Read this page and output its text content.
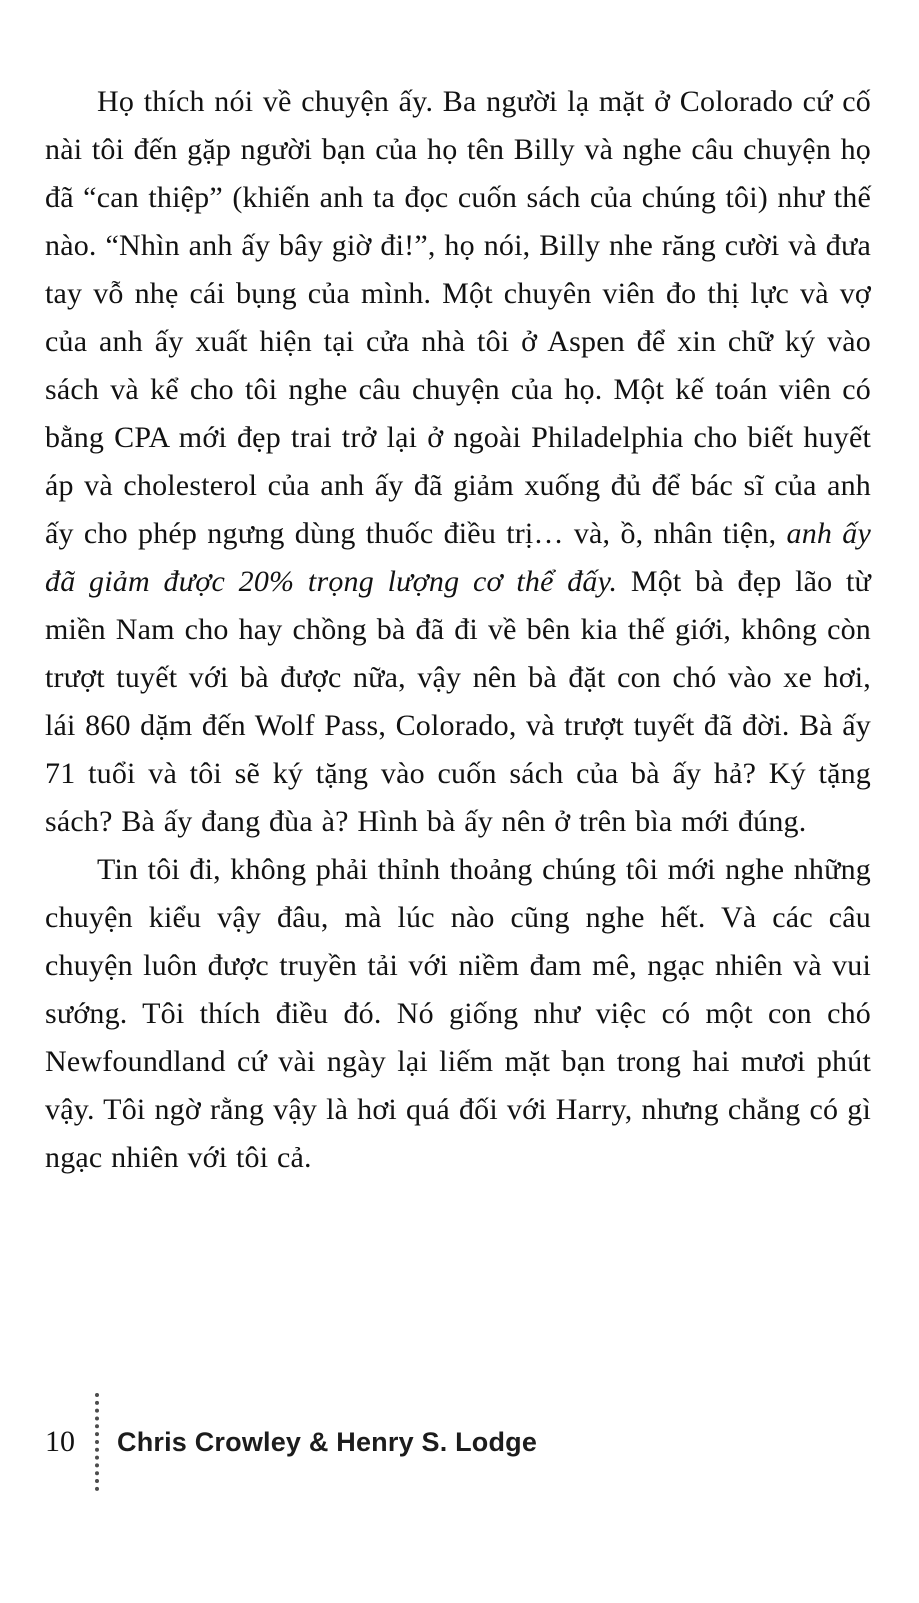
Họ thích nói về chuyện ấy. Ba người lạ mặt ở Colorado cứ cố nài tôi đến gặp người bạn của họ tên Billy và nghe câu chuyện họ đã “can thiệp” (khiến anh ta đọc cuốn sách của chúng tôi) như thế nào. “Nhìn anh ấy bây giờ đi!”, họ nói, Billy nhe răng cười và đưa tay vỗ nhẹ cái bụng của mình. Một chuyên viên đo thị lực và vợ của anh ấy xuất hiện tại cửa nhà tôi ở Aspen để xin chữ ký vào sách và kể cho tôi nghe câu chuyện của họ. Một kế toán viên có bằng CPA mới đẹp trai trở lại ở ngoài Philadelphia cho biết huyết áp và cholesterol của anh ấy đã giảm xuống đủ để bác sĩ của anh ấy cho phép ngưng dùng thuốc điều trị… và, ồ, nhân tiện, anh ấy đã giảm được 20% trọng lượng cơ thể đấy. Một bà đẹp lão từ miền Nam cho hay chồng bà đã đi về bên kia thế giới, không còn trượt tuyết với bà được nữa, vậy nên bà đặt con chó vào xe hơi, lái 860 dặm đến Wolf Pass, Colorado, và trượt tuyết đã đời. Bà ấy 71 tuổi và tôi sẽ ký tặng vào cuốn sách của bà ấy hả? Ký tặng sách? Bà ấy đang đùa à? Hình bà ấy nên ở trên bìa mới đúng.

Tin tôi đi, không phải thỉnh thoảng chúng tôi mới nghe những chuyện kiểu vậy đâu, mà lúc nào cũng nghe hết. Và các câu chuyện luôn được truyền tải với niềm đam mê, ngạc nhiên và vui sướng. Tôi thích điều đó. Nó giống như việc có một con chó Newfoundland cứ vài ngày lại liếm mặt bạn trong hai mươi phút vậy. Tôi ngờ rằng vậy là hơi quá đối với Harry, nhưng chẳng có gì ngạc nhiên với tôi cả.

10 Chris Crowley & Henry S. Lodge
